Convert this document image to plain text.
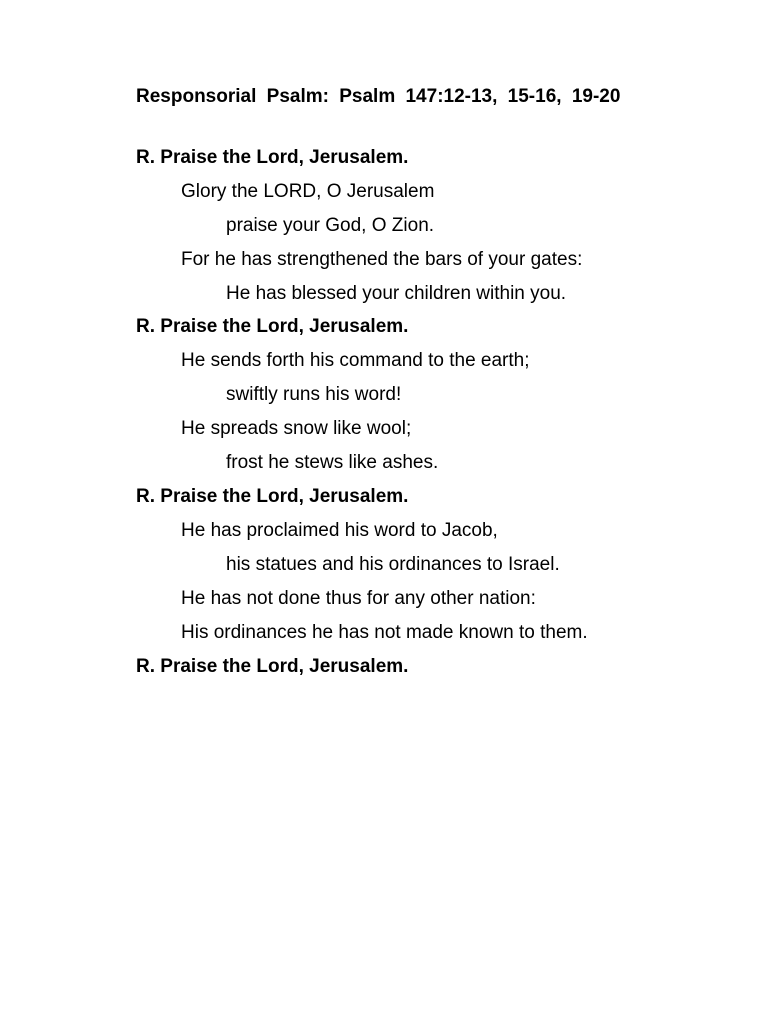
Responsorial Psalm: Psalm 147:12-13, 15-16, 19-20
R. Praise the Lord, Jerusalem.
Glory the LORD, O Jerusalem
praise your God, O Zion.
For he has strengthened the bars of your gates:
He has blessed your children within you.
R. Praise the Lord, Jerusalem.
He sends forth his command to the earth;
swiftly runs his word!
He spreads snow like wool;
frost he stews like ashes.
R. Praise the Lord, Jerusalem.
He has proclaimed his word to Jacob,
his statues and his ordinances to Israel.
He has not done thus for any other nation:
His ordinances he has not made known to them.
R. Praise the Lord, Jerusalem.
